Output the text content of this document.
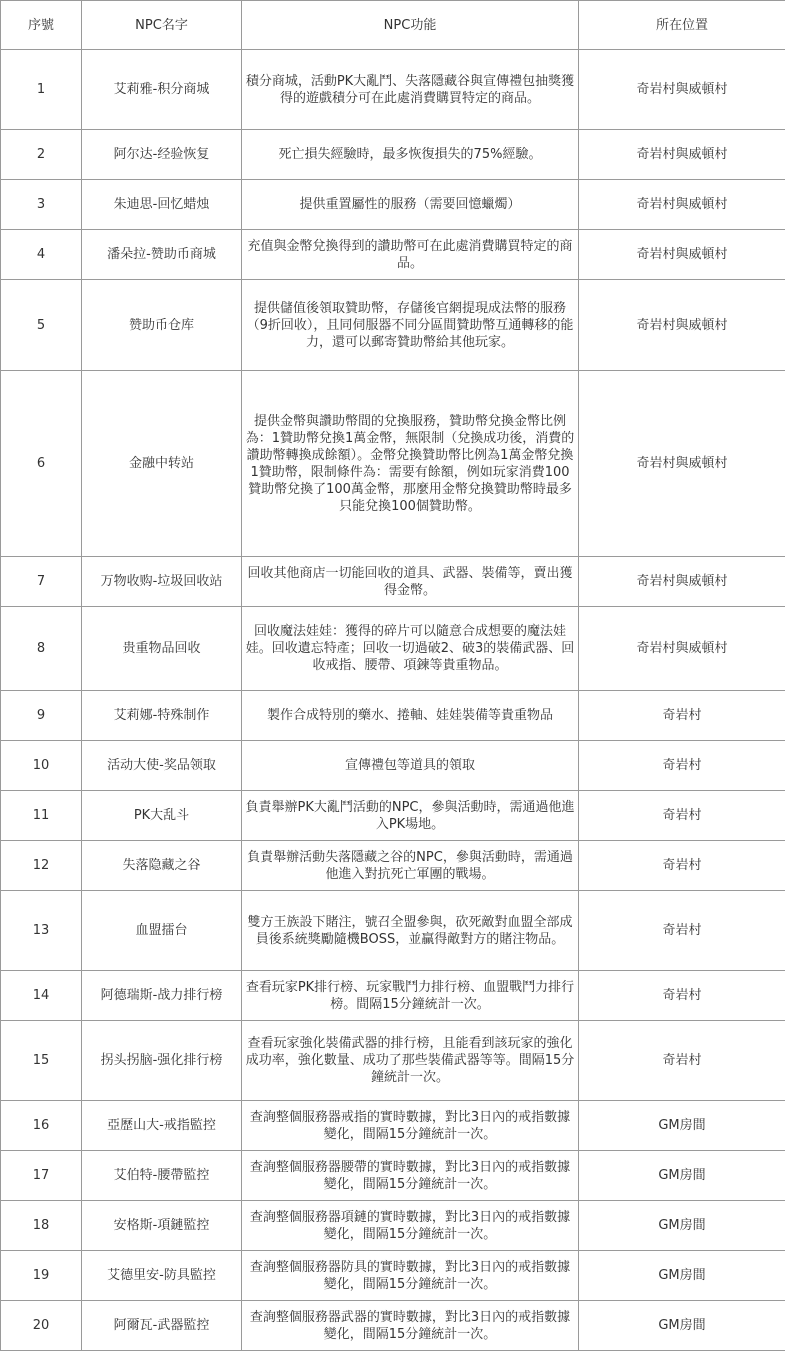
序號	NPC名字	NPC功能	所在位置
1	艾莉雅-积分商城	積分商城，活動PK大亂鬥、失落隱藏谷與宣傳禮包抽獎獲得的遊戲積分可在此處消費購買特定的商品。	奇岩村與威頓村
2	阿尔达-经验恢复	死亡損失經驗時，最多恢復損失的75%經驗。	奇岩村與威頓村
3	朱迪思-回忆蜡烛	提供重置屬性的服務（需要回憶蠟燭）	奇岩村與威頓村
4	潘朵拉-赞助币商城	充值與金幣兌換得到的讚助幣可在此處消費購買特定的商品。	奇岩村與威頓村
5	赞助币仓库	提供儲值後領取贊助幣，存儲後官網提現成法幣的服務（9折回收），且同伺服器不同分區間贊助幣互通轉移的能力，還可以郵寄贊助幣給其他玩家。	奇岩村與威頓村
6	金融中转站	提供金幣與讚助幣間的兌換服務，贊助幣兌換金幣比例為：1贊助幣兌換1萬金幣，無限制（兌換成功後，消費的讚助幣轉換成餘額）。金幣兌換贊助幣比例為1萬金幣兌換1贊助幣，限制條件為：需要有餘額，例如玩家消費100贊助幣兌換了100萬金幣，那麼用金幣兌換贊助幣時最多只能兌換100個贊助幣。	奇岩村與威頓村
7	万物收购-垃圾回收站	回收其他商店一切能回收的道具、武器、裝備等，賣出獲得金幣。	奇岩村與威頓村
8	贵重物品回收	回收魔法娃娃：獲得的碎片可以隨意合成想要的魔法娃娃。回收遺忘特產；回收一切過破2、破3的裝備武器、回收戒指、腰帶、項鍊等貴重物品。	奇岩村與威頓村
9	艾莉娜-特殊制作	製作合成特別的藥水、捲軸、娃娃裝備等貴重物品	奇岩村
10	活动大使-奖品领取	宣傳禮包等道具的領取	奇岩村
11	PK大乱斗	負責舉辦PK大亂鬥活動的NPC，參與活動時，需通過他進入PK場地。	奇岩村
12	失落隐藏之谷	負責舉辦活動失落隱藏之谷的NPC，參與活動時，需通過他進入對抗死亡軍團的戰場。	奇岩村
13	血盟擂台	雙方王族設下賭注，號召全盟參與，砍死敵對血盟全部成員後系統獎勵隨機BOSS，並贏得敵對方的賭注物品。	奇岩村
14	阿德瑞斯-战力排行榜	查看玩家PK排行榜、玩家戰鬥力排行榜、血盟戰鬥力排行榜。間隔15分鐘統計一次。	奇岩村
15	拐头拐脑-强化排行榜	查看玩家強化裝備武器的排行榜，且能看到該玩家的強化成功率，強化數量、成功了那些裝備武器等等。間隔15分鐘統計一次。	奇岩村
16	亞歷山大-戒指監控	查詢整個服務器戒指的實時數據，對比3日內的戒指數據變化，間隔15分鐘統計一次。	GM房間
17	艾伯特-腰帶監控	查詢整個服務器腰帶的實時數據，對比3日內的戒指數據變化，間隔15分鐘統計一次。	GM房間
18	安格斯-項鏈監控	查詢整個服務器項鏈的實時數據，對比3日內的戒指數據變化，間隔15分鐘統計一次。	GM房間
19	艾德里安-防具監控	查詢整個服務器防具的實時數據，對比3日內的戒指數據變化，間隔15分鐘統計一次。	GM房間
20	阿爾瓦-武器監控	查詢整個服務器武器的實時數據，對比3日內的戒指數據變化，間隔15分鐘統計一次。	GM房間
